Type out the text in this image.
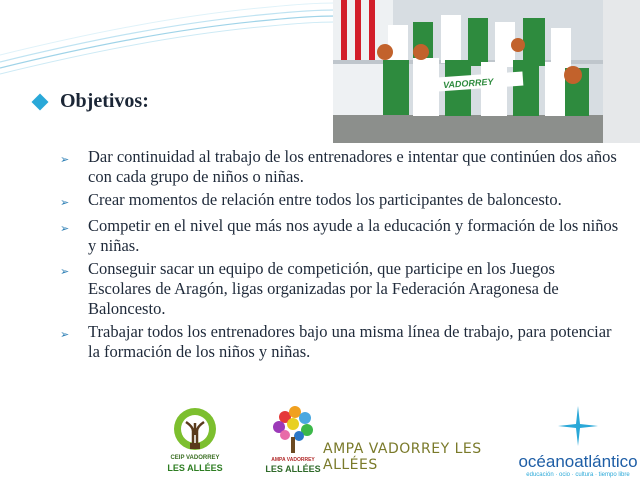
VADORREY
Objetivos:
➢	Dar continuidad al trabajo de los entrenadores e intentar que continúen dos años con cada grupo de niños o niñas.
➢	Crear momentos de relación entre todos los participantes de baloncesto.
➢	Competir en el nivel que más nos ayude a la educación y formación de los niños y niñas.
➢	Conseguir sacar un equipo de competición, que participe en los Juegos Escolares de Aragón, ligas organizadas por la Federación Aragonesa de Baloncesto.
➢	Trabajar todos los entrenadores bajo una misma línea de trabajo, para potenciar la formación de los niños y niñas.
CEIP VADORREY
LES ALLÉES
AMPA VADORREY
LES ALLÉES
AMPA VADORREY LES ALLÉES	océanoatlántico
educación · ocio · cultura · tiempo libre
